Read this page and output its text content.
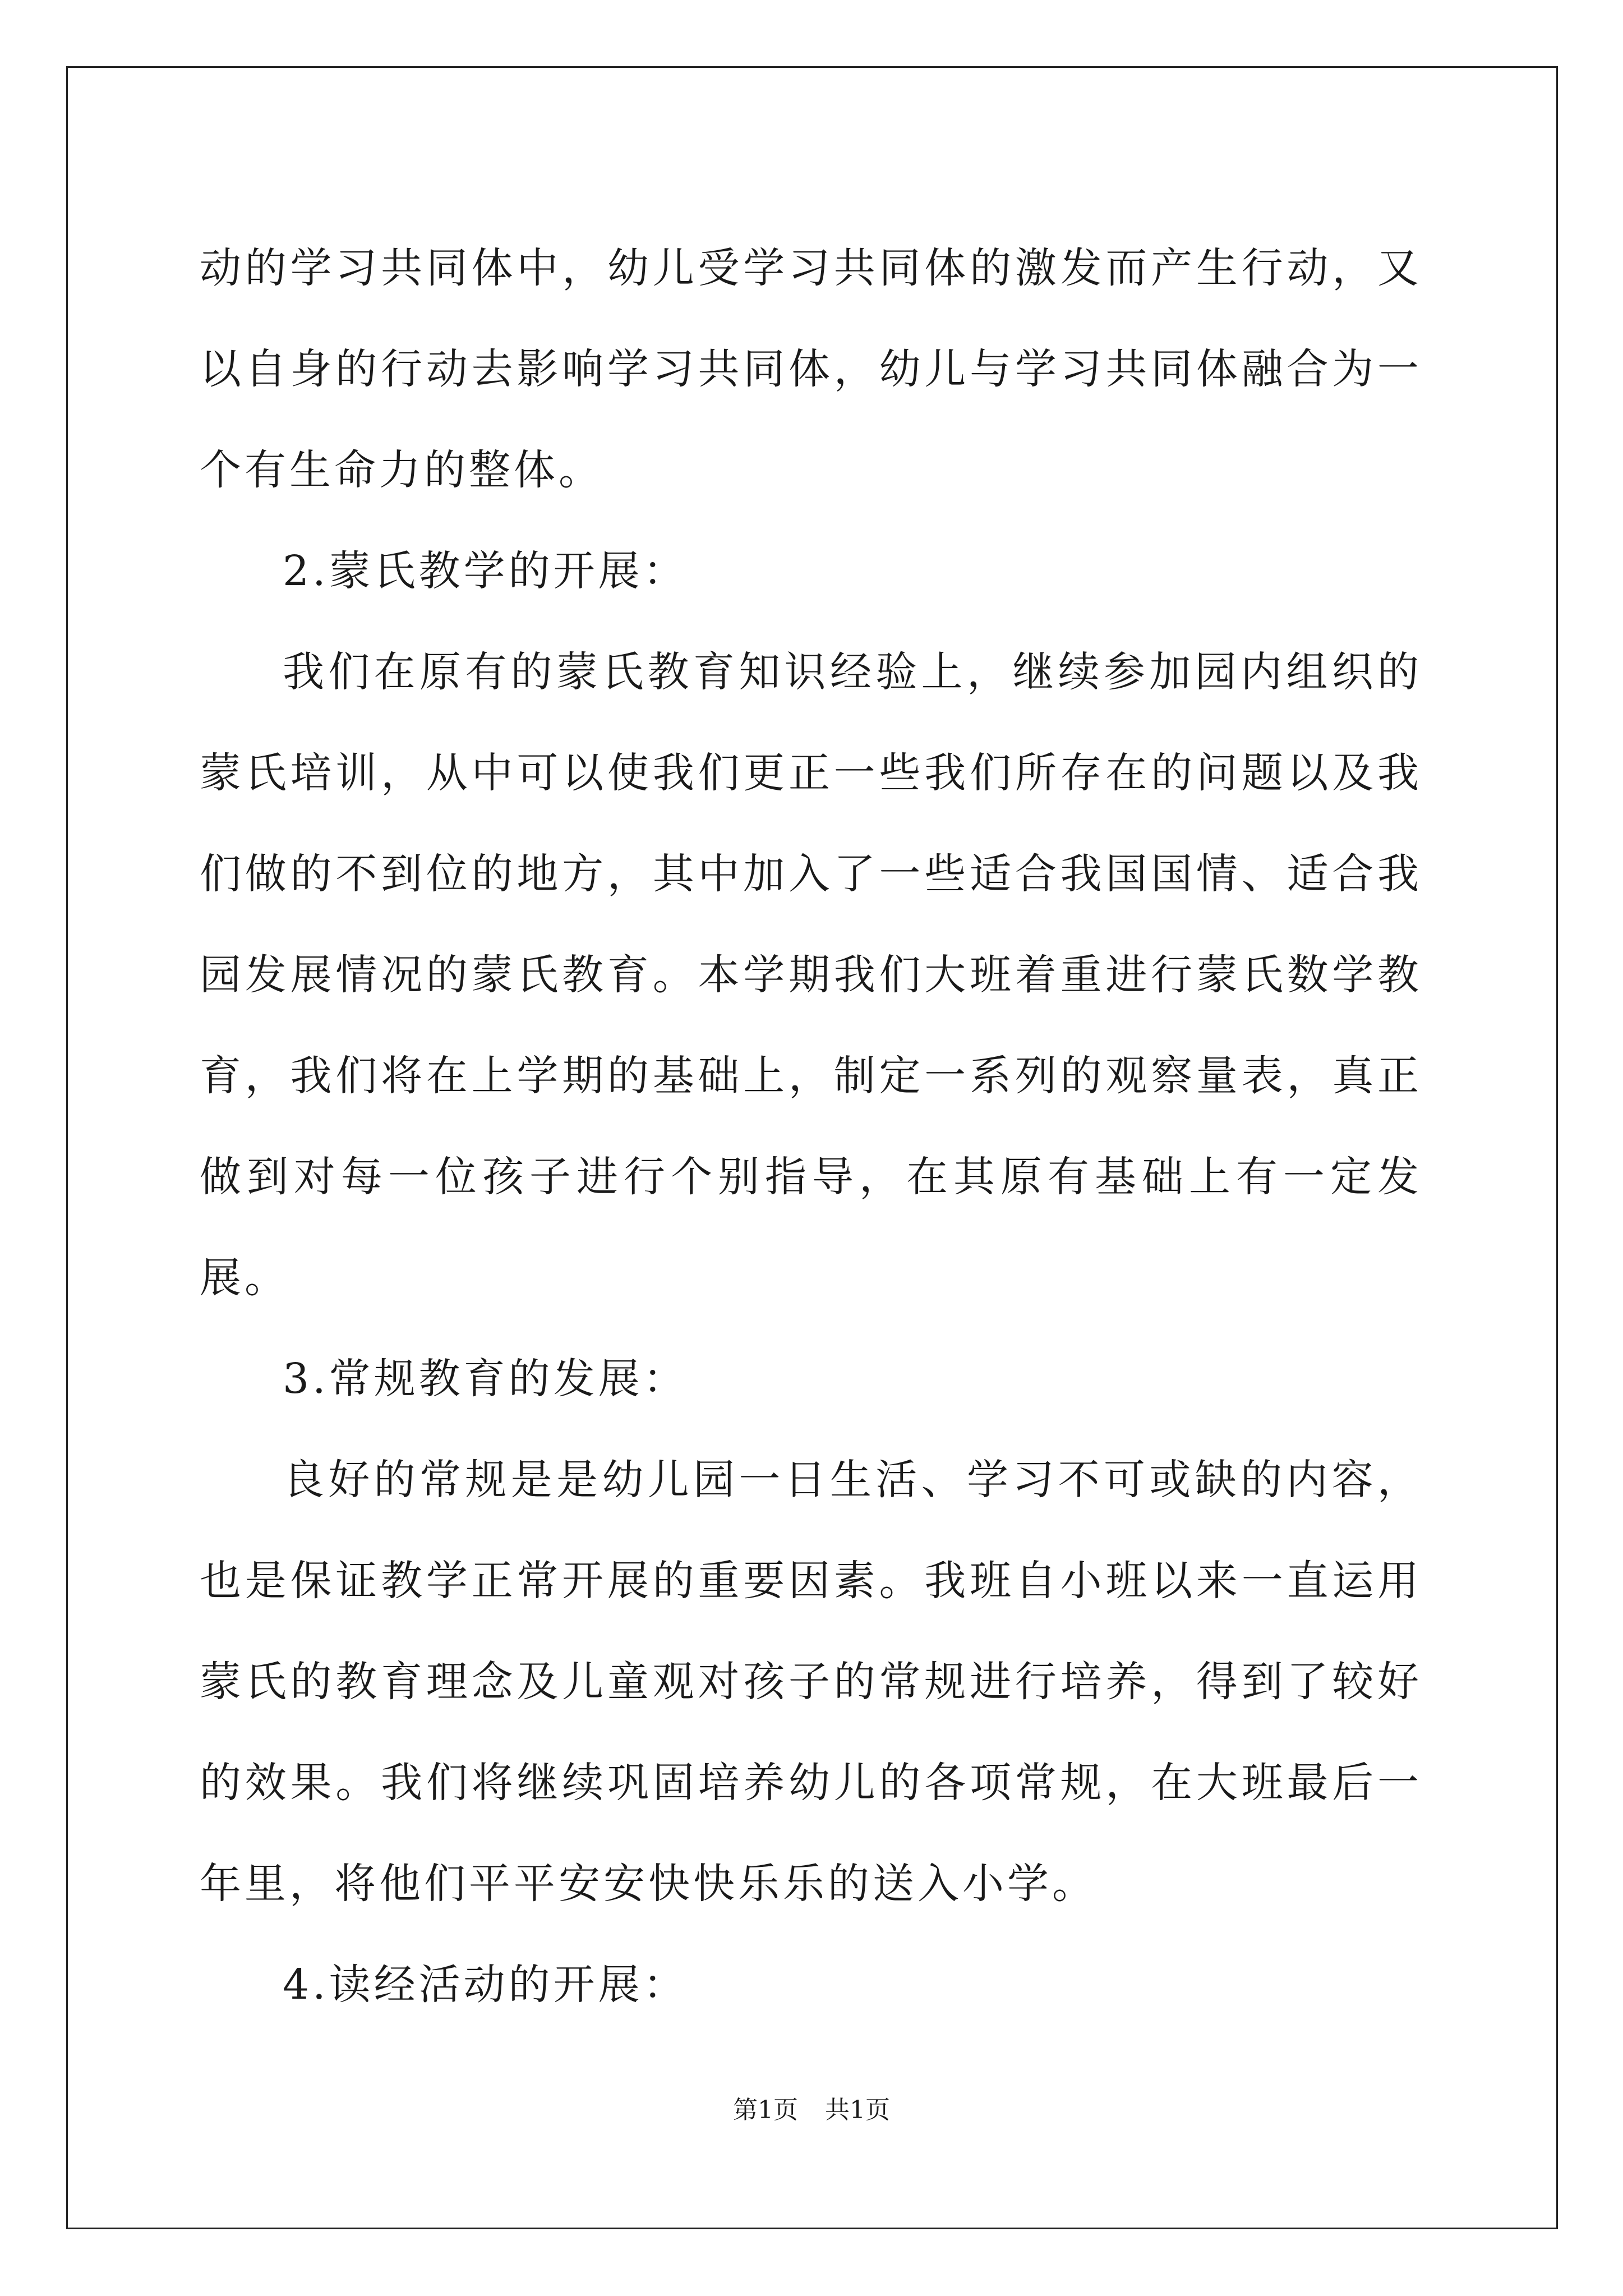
动的学习共同体中，幼儿受学习共同体的激发而产生行动，又以自身的行动去影响学习共同体，幼儿与学习共同体融合为一个有生命力的整体。

2.蒙氏教学的开展：

我们在原有的蒙氏教育知识经验上，继续参加园内组织的蒙氏培训，从中可以使我们更正一些我们所存在的问题以及我们做的不到位的地方，其中加入了一些适合我国国情、适合我园发展情况的蒙氏教育。本学期我们大班着重进行蒙氏数学教育，我们将在上学期的基础上，制定一系列的观察量表，真正做到对每一位孩子进行个别指导，在其原有基础上有一定发展。

3.常规教育的发展：

良好的常规是是幼儿园一日生活、学习不可或缺的内容，也是保证教学正常开展的重要因素。我班自小班以来一直运用蒙氏的教育理念及儿童观对孩子的常规进行培养，得到了较好的效果。我们将继续巩固培养幼儿的各项常规，在大班最后一年里，将他们平平安安快快乐乐的送入小学。

4.读经活动的开展：

第1页 共1页
